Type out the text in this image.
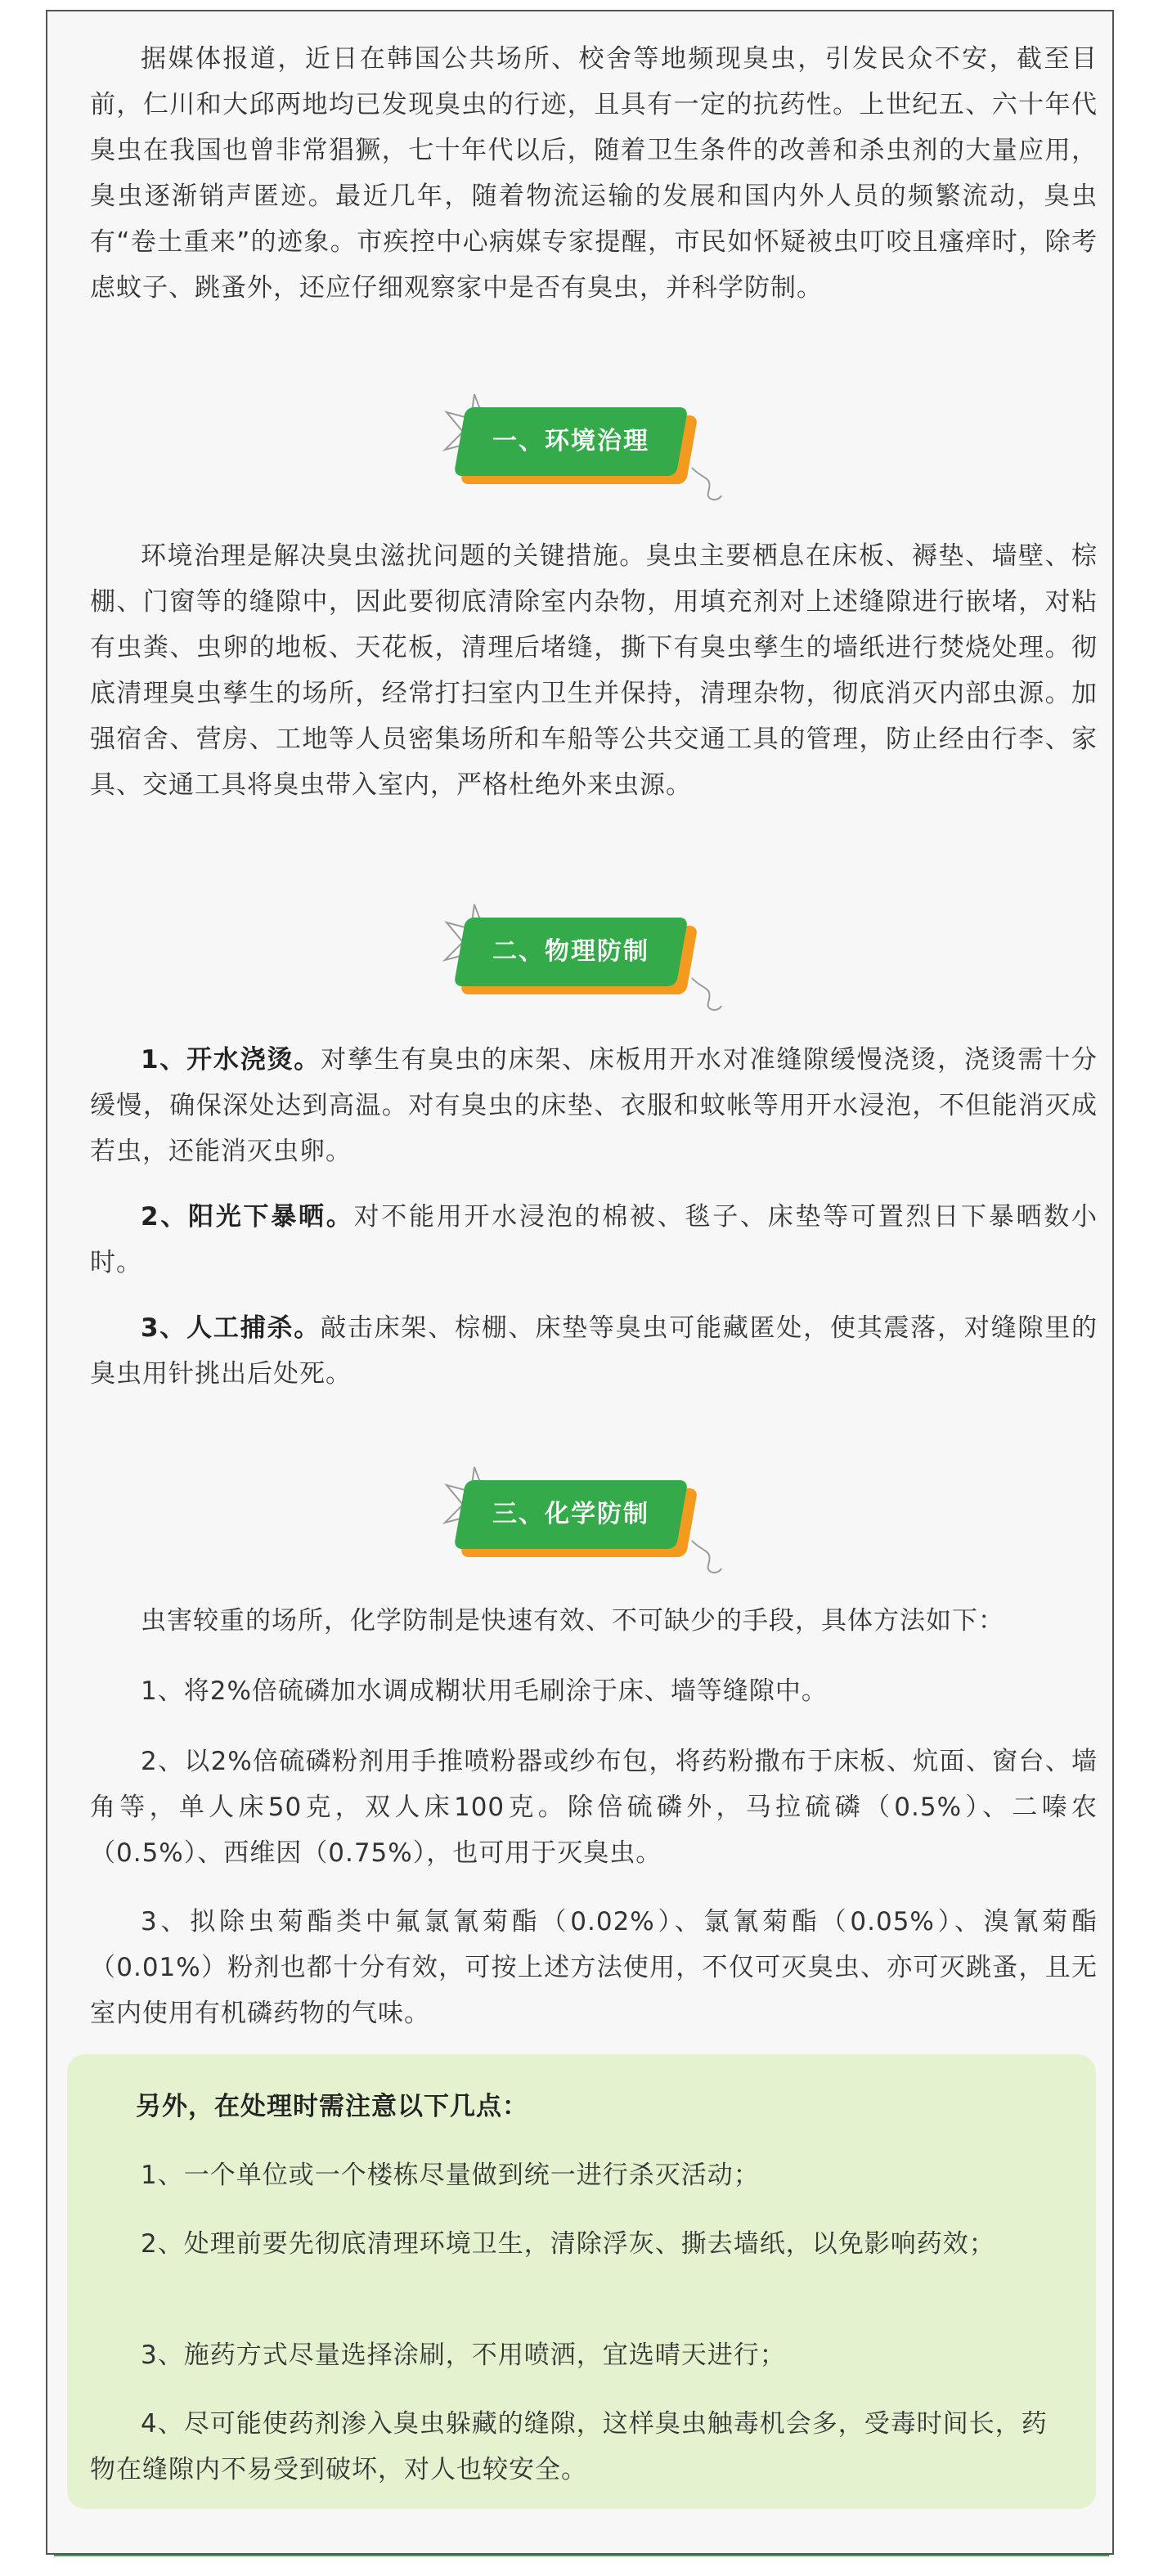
据媒体报道，近日在韩国公共场所、校舍等地频现臭虫，引发民众不安，截至目前，仁川和大邱两地均已发现臭虫的行迹，且具有一定的抗药性。上世纪五、六十年代臭虫在我国也曾非常猖獗，七十年代以后，随着卫生条件的改善和杀虫剂的大量应用，臭虫逐渐销声匿迹。最近几年，随着物流运输的发展和国内外人员的频繁流动，臭虫有“卷土重来”的迹象。市疾控中心病媒专家提醒，市民如怀疑被虫叮咬且瘙痒时，除考虑蚊子、跳蚤外，还应仔细观察家中是否有臭虫，并科学防制。

一、环境治理

环境治理是解决臭虫滋扰问题的关键措施。臭虫主要栖息在床板、褥垫、墙壁、棕棚、门窗等的缝隙中，因此要彻底清除室内杂物，用填充剂对上述缝隙进行嵌堵，对粘有虫粪、虫卵的地板、天花板，清理后堵缝，撕下有臭虫孳生的墙纸进行焚烧处理。彻底清理臭虫孳生的场所，经常打扫室内卫生并保持，清理杂物，彻底消灭内部虫源。加强宿舍、营房、工地等人员密集场所和车船等公共交通工具的管理，防止经由行李、家具、交通工具将臭虫带入室内，严格杜绝外来虫源。

二、物理防制

1、开水浇烫。对孳生有臭虫的床架、床板用开水对准缝隙缓慢浇烫，浇烫需十分缓慢，确保深处达到高温。对有臭虫的床垫、衣服和蚊帐等用开水浸泡，不但能消灭成若虫，还能消灭虫卵。

2、阳光下暴晒。对不能用开水浸泡的棉被、毯子、床垫等可置烈日下暴晒数小时。

3、人工捕杀。敲击床架、棕棚、床垫等臭虫可能藏匿处，使其震落，对缝隙里的臭虫用针挑出后处死。

三、化学防制

虫害较重的场所，化学防制是快速有效、不可缺少的手段，具体方法如下：

1、将2%倍硫磷加水调成糊状用毛刷涂于床、墙等缝隙中。

2、以2%倍硫磷粉剂用手推喷粉器或纱布包，将药粉撒布于床板、炕面、窗台、墙角等，单人床50克，双人床100克。除倍硫磷外，马拉硫磷（0.5%）、二嗪农（0.5%）、西维因（0.75%），也可用于灭臭虫。

3、拟除虫菊酯类中氟氯氰菊酯（0.02%）、氯氰菊酯（0.05%）、溴氰菊酯（0.01%）粉剂也都十分有效，可按上述方法使用，不仅可灭臭虫、亦可灭跳蚤，且无室内使用有机磷药物的气味。

另外，在处理时需注意以下几点：

1、一个单位或一个楼栋尽量做到统一进行杀灭活动；

2、处理前要先彻底清理环境卫生，清除浮灰、撕去墙纸，以免影响药效；

3、施药方式尽量选择涂刷，不用喷洒，宜选晴天进行；

4、尽可能使药剂渗入臭虫躲藏的缝隙，这样臭虫触毒机会多，受毒时间长，药物在缝隙内不易受到破坏，对人也较安全。
